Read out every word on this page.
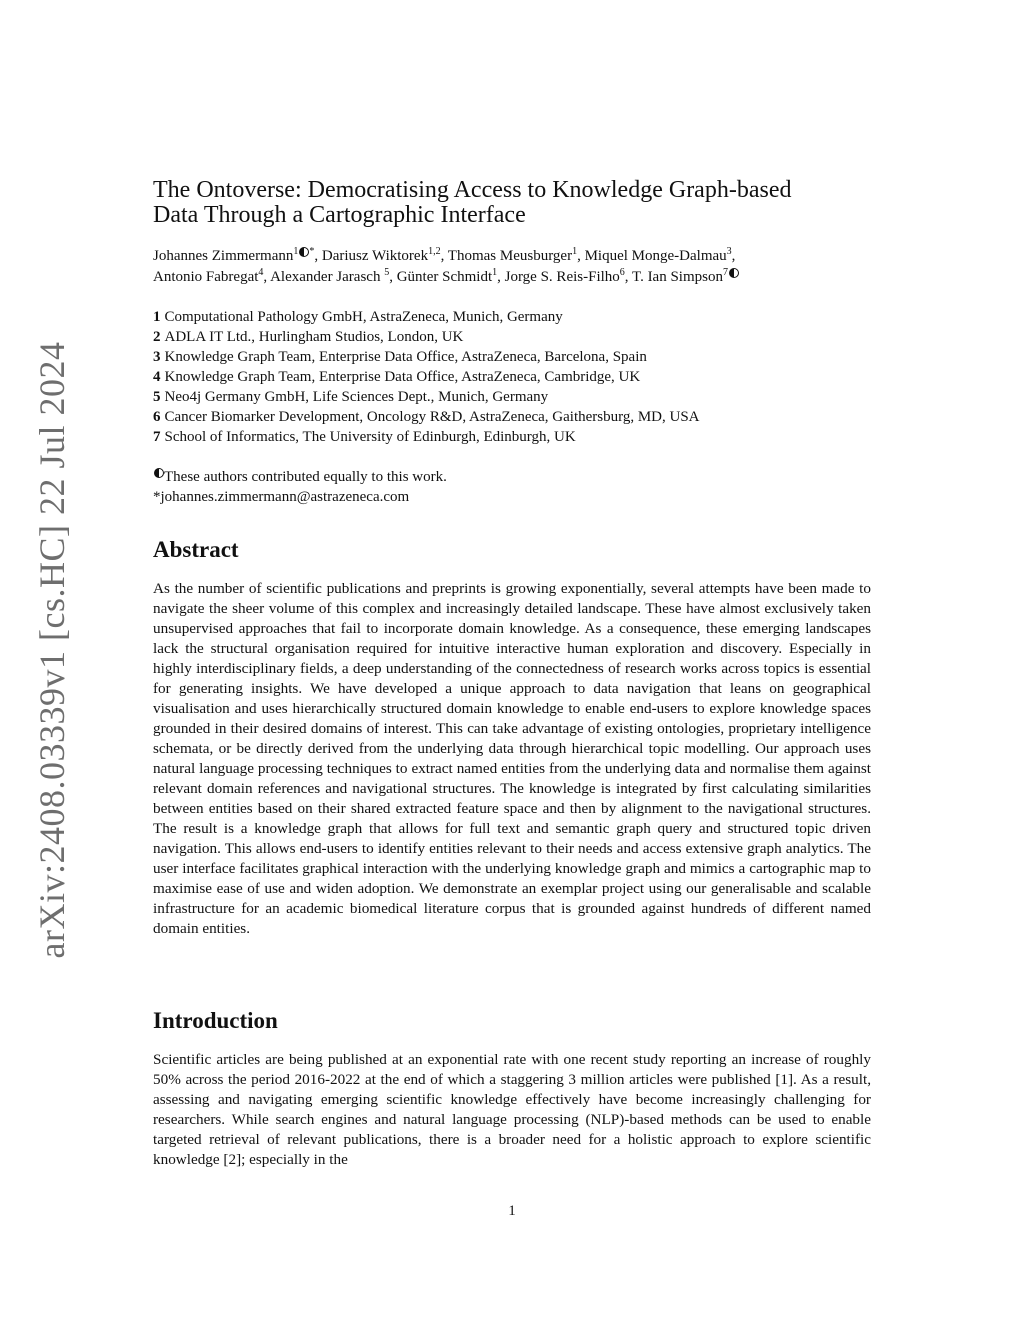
arXiv:2408.03339v1 [cs.HC] 22 Jul 2024
The Ontoverse: Democratising Access to Knowledge Graph-based
Data Through a Cartographic Interface
Johannes Zimmermann$^1$ *, Dariusz Wiktorek$^{1,2}$, Thomas Meusburger$^1$, Miquel Monge-Dalmau$^3$,
Antonio Fabregat$^4$, Alexander Jarasch $^5$, Günter Schmidt$^1$, Jorge S. Reis-Filho$^6$, T. Ian Simpson$^7$
1 Computational Pathology GmbH, AstraZeneca, Munich, Germany
2 ADLA IT Ltd., Hurlingham Studios, London, UK
3 Knowledge Graph Team, Enterprise Data Office, AstraZeneca, Barcelona, Spain
4 Knowledge Graph Team, Enterprise Data Office, AstraZeneca, Cambridge, UK
5 Neo4j Germany GmbH, Life Sciences Dept., Munich, Germany
6 Cancer Biomarker Development, Oncology R&D, AstraZeneca, Gaithersburg, MD, USA
7 School of Informatics, The University of Edinburgh, Edinburgh, UK
These authors contributed equally to this work.
*johannes.zimmermann@astrazeneca.com
Abstract

As the number of scientific publications and preprints is growing exponentially, several attempts have been made to navigate the sheer volume of this complex and increasingly detailed landscape. These have almost exclusively taken unsupervised approaches that fail to incorporate domain knowledge. As a consequence, these emerging landscapes lack the structural organisation required for intuitive interactive human exploration and discovery. Especially in highly interdisciplinary fields, a deep understanding of the connectedness of research works across topics is essential for generating insights. We have developed a unique approach to data navigation that leans on geographical visualisation and uses hierarchically structured domain knowledge to enable end-users to explore knowledge spaces grounded in their desired domains of interest. This can take advantage of existing ontologies, proprietary intelligence schemata, or be directly derived from the underlying data through hierarchical topic modelling. Our approach uses natural language processing techniques to extract named entities from the underlying data and normalise them against relevant domain references and navigational structures. The knowledge is integrated by first calculating similarities between entities based on their shared extracted feature space and then by alignment to the navigational structures. The result is a knowledge graph that allows for full text and semantic graph query and structured topic driven navigation. This allows end-users to identify entities relevant to their needs and access extensive graph analytics. The user interface facilitates graphical interaction with the underlying knowledge graph and mimics a cartographic map to maximise ease of use and widen adoption. We demonstrate an exemplar project using our generalisable and scalable infrastructure for an academic biomedical literature corpus that is grounded against hundreds of different named domain entities.

Introduction

Scientific articles are being published at an exponential rate with one recent study reporting an increase of roughly 50% across the period 2016-2022 at the end of which a staggering 3 million articles were published [1]. As a result, assessing and navigating emerging scientific knowledge effectively have become increasingly challenging for researchers. While search engines and natural language processing (NLP)-based methods can be used to enable targeted retrieval of relevant publications, there is a broader need for a holistic approach to explore scientific knowledge [2]; especially in the

1
